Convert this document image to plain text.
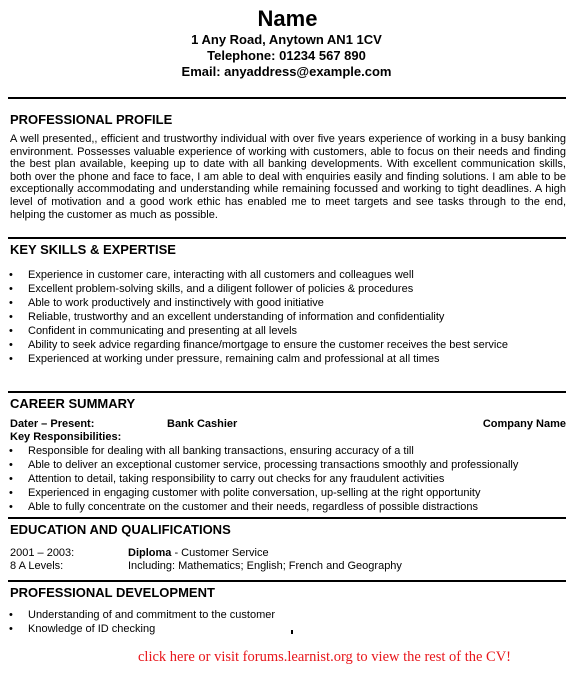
Name
1 Any Road, Anytown AN1 1CV
Telephone: 01234 567 890
Email: anyaddress@example.com
PROFESSIONAL PROFILE
A well presented,, efficient and trustworthy individual with over five years experience of working in a busy banking environment. Possesses valuable experience of working with customers, able to focus on their needs and finding the best plan available, keeping up to date with all banking developments. With excellent communication skills, both over the phone and face to face, I am able to deal with enquiries easily and finding solutions. I am able to be exceptionally accommodating and understanding while remaining focussed and working to tight deadlines. A high level of motivation and a good work ethic has enabled me to meet targets and see tasks through to the end, helping the customer as much as possible.
KEY SKILLS & EXPERTISE
• Experience in customer care, interacting with all customers and colleagues well
• Excellent problem-solving skills, and a diligent follower of policies & procedures
• Able to work productively and instinctively with good initiative
• Reliable, trustworthy and an excellent understanding of information and confidentiality
• Confident in communicating and presenting at all levels
• Ability to seek advice regarding finance/mortgage to ensure the customer receives the best service
• Experienced at working under pressure, remaining calm and professional at all times
CAREER SUMMARY
Dater – Present:	Bank Cashier	Company Name
Key Responsibilities:
• Responsible for dealing with all banking transactions, ensuring accuracy of a till
• Able to deliver an exceptional customer service, processing transactions smoothly and professionally
• Attention to detail, taking responsibility to carry out checks for any fraudulent activities
• Experienced in engaging customer with polite conversation, up-selling at the right opportunity
• Able to fully concentrate on the customer and their needs, regardless of possible distractions
EDUCATION AND QUALIFICATIONS
2001 – 2003:	Diploma - Customer Service
8 A Levels:	Including: Mathematics; English; French and Geography
PROFESSIONAL DEVELOPMENT
• Understanding of and commitment to the customer
• Knowledge of ID checking
click here or visit forums.learnist.org to view the rest of the CV!
